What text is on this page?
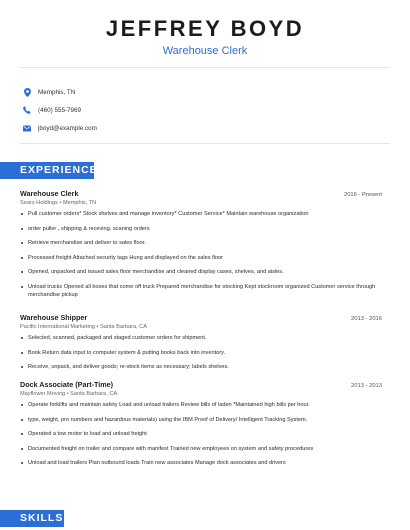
JEFFREY BOYD
Warehouse Clerk
Memphis, TN
(460) 555-7969
jboyd@example.com
EXPERIENCE
Warehouse Clerk	2016 - Present
Sears Holdings • Memphis, TN
Pull customer orders* Stock shelves and manage inventory* Customer Service* Maintain warehouse organization
order puller , shipping & receving, scaning orders
Retrieve merchandise and deliver to sales floor.
Processed freight Attached security tags Hung and displayed on the sales floor
Opened, unpacked and issued sales floor merchandise and cleaned display cases, shelves, and aisles.
Unload trucks Opened all boxes that come off truck Prepared merchandise for stocking Kept stockroom organized Customer service through merchandise pickup
Warehouse Shipper	2013 - 2016
Pacific International Marketing • Santa Barbara, CA
Selected, scanned, packaged and staged customer orders for shipment.
Book Return data input to computer system & putting books back into inventory.
Receive, unpack, and deliver goods; re-stock items as necessary; labels shelves.
Dock Associate (Part-Time)	2013 - 2013
Mayflower Moving • Santa Barbara, CA
Operate forklifts and maintain safety Load and unload trailers Review bills of laden *Maintained high bills per hour.
type, weight, pro numbers and hazardous materials) using the IBM Proof of Delivery/ Intelligent Tracking System.
Operated a tow motor to load and unload freight
Documented freight on trailer and compare with manifest Trained new employees on system and safety procedures
Unload and load trailers Plan outbound loads Train new associates Manage dock associates and drivers
SKILLS
